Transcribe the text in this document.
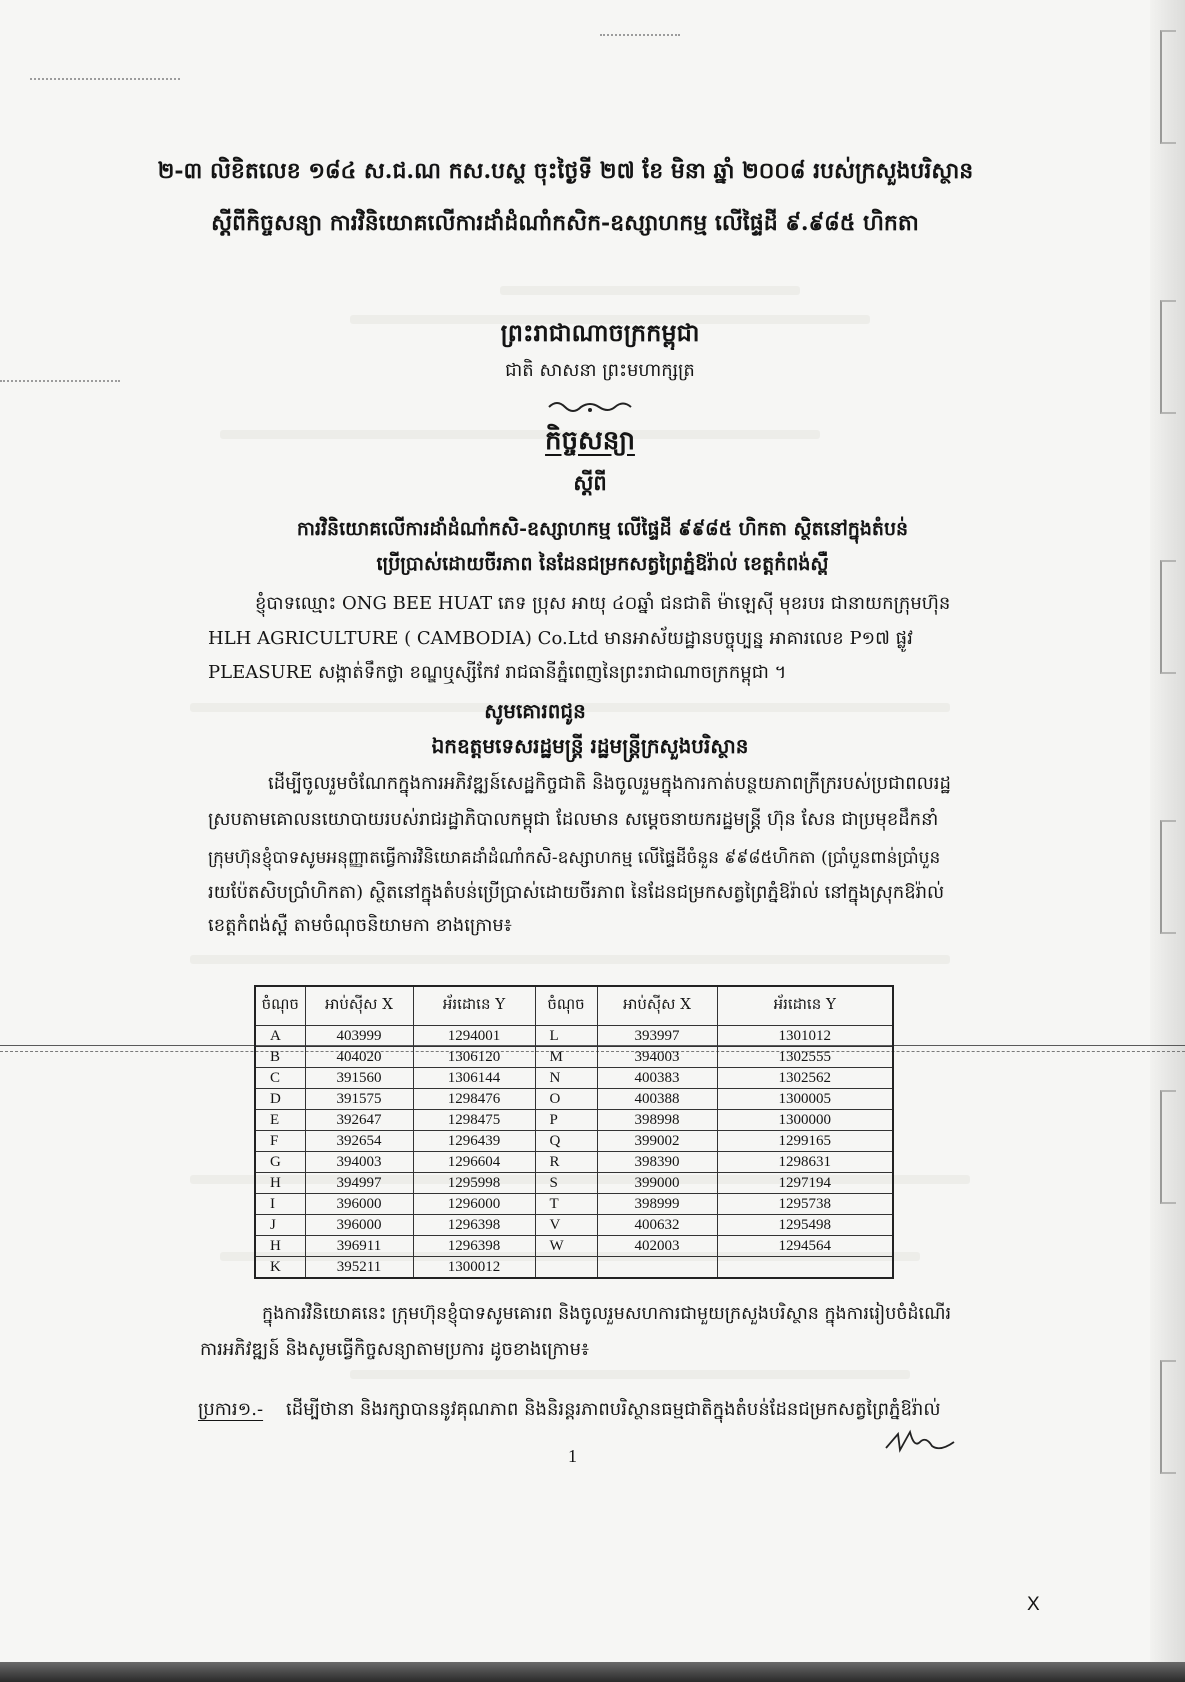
២-៣ លិខិតលេខ ១៨៤ ស.ជ.ណ កស.បស្ថ ចុះថ្ងៃទី ២៧ ខែ មិនា ឆ្នាំ ២០០៨ របស់ក្រសួងបរិស្ថាន
ស្តីពីកិច្ចសន្យា ការវិនិយោគលើការដាំដំណាំកសិក-ឧស្សាហកម្ម លើផ្ទៃដី ៩.៩៨៥ ហិកតា
ព្រះរាជាណាចក្រកម្ពុជា
ជាតិ សាសនា ព្រះមហាក្សត្រ
កិច្ចសន្យា
ស្តីពី
ការវិនិយោគលើការដាំដំណាំកសិ-ឧស្សាហកម្ម លើផ្ទៃដី ៩៩៨៥ ហិកតា ស្ថិតនៅក្នុងតំបន់
ប្រើប្រាស់ដោយចីរភាព នៃដែនជម្រកសត្វព្រៃភ្នំឱរ៉ាល់ ខេត្តកំពង់ស្ពឺ
ខ្ញុំបាទឈ្មោះ ONG BEE HUAT ភេទ ប្រុស អាយុ ៤០ឆ្នាំ ជនជាតិ ម៉ាឡេស៊ី មុខរបរ ជានាយកក្រុមហ៊ុន
HLH AGRICULTURE ( CAMBODIA) Co.Ltd មានអាស័យដ្ឋានបច្ចុប្បន្ន អាគារលេខ P១៧ ផ្លូវ
PLEASURE សង្កាត់ទឹកថ្លា ខណ្ឌឬស្សីកែវ រាជធានីភ្នំពេញនៃព្រះរាជាណាចក្រកម្ពុជា ។
សូមគោរពជូន
ឯកឧត្តមទេសរដ្ឋមន្ត្រី រដ្ឋមន្ត្រីក្រសួងបរិស្ថាន
ដើម្បីចូលរួមចំណែកក្នុងការអភិវឌ្ឍន៍សេដ្ឋកិច្ចជាតិ និងចូលរួមក្នុងការកាត់បន្ថយភាពក្រីក្ររបស់ប្រជាពលរដ្ឋ
ស្របតាមគោលនយោបាយរបស់រាជរដ្ឋាភិបាលកម្ពុជា ដែលមាន សម្តេចនាយករដ្ឋមន្ត្រី ហ៊ុន សែន ជាប្រមុខដឹកនាំ
ក្រុមហ៊ុនខ្ញុំបាទសូមអនុញ្ញាតធ្វើការវិនិយោគដាំដំណាំកសិ-ឧស្សាហកម្ម លើផ្ទៃដីចំនួន ៩៩៨៥ហិកតា (ប្រាំបួនពាន់ប្រាំបួន
រយប៉ែតសិបប្រាំហិកតា) ស្ថិតនៅក្នុងតំបន់ប្រើប្រាស់ដោយចីរភាព នៃដែនជម្រកសត្វព្រៃភ្នំឱរ៉ាល់ នៅក្នុងស្រុកឱរ៉ាល់
ខេត្តកំពង់ស្ពឺ តាមចំណុចនិយាមកា ខាងក្រោម៖
ចំណុច	អាប់ស៊ីស X	អ័រដោនេ Y	ចំណុច	អាប់ស៊ីស X	អ័រដោនេ Y
A	403999	1294001	L	393997	1301012
B	404020	1306120	M	394003	1302555
C	391560	1306144	N	400383	1302562
D	391575	1298476	O	400388	1300005
E	392647	1298475	P	398998	1300000
F	392654	1296439	Q	399002	1299165
G	394003	1296604	R	398390	1298631
H	394997	1295998	S	399000	1297194
I	396000	1296000	T	398999	1295738
J	396000	1296398	V	400632	1295498
H	396911	1296398	W	402003	1294564
K	395211	1300012			
ក្នុងការវិនិយោគនេះ ក្រុមហ៊ុនខ្ញុំបាទសូមគោរព និងចូលរួមសហការជាមួយក្រសួងបរិស្ថាន ក្នុងការរៀបចំដំណើរ
ការអភិវឌ្ឍន៍ និងសូមធ្វើកិច្ចសន្យាតាមប្រការ ដូចខាងក្រោម៖
ប្រការ១.- ដើម្បីថានា និងរក្សាបាននូវគុណភាព និងនិរន្តរភាពបរិស្ថានធម្មជាតិក្នុងតំបន់ដែនជម្រកសត្វព្រៃភ្នំឱរ៉ាល់
1
X
